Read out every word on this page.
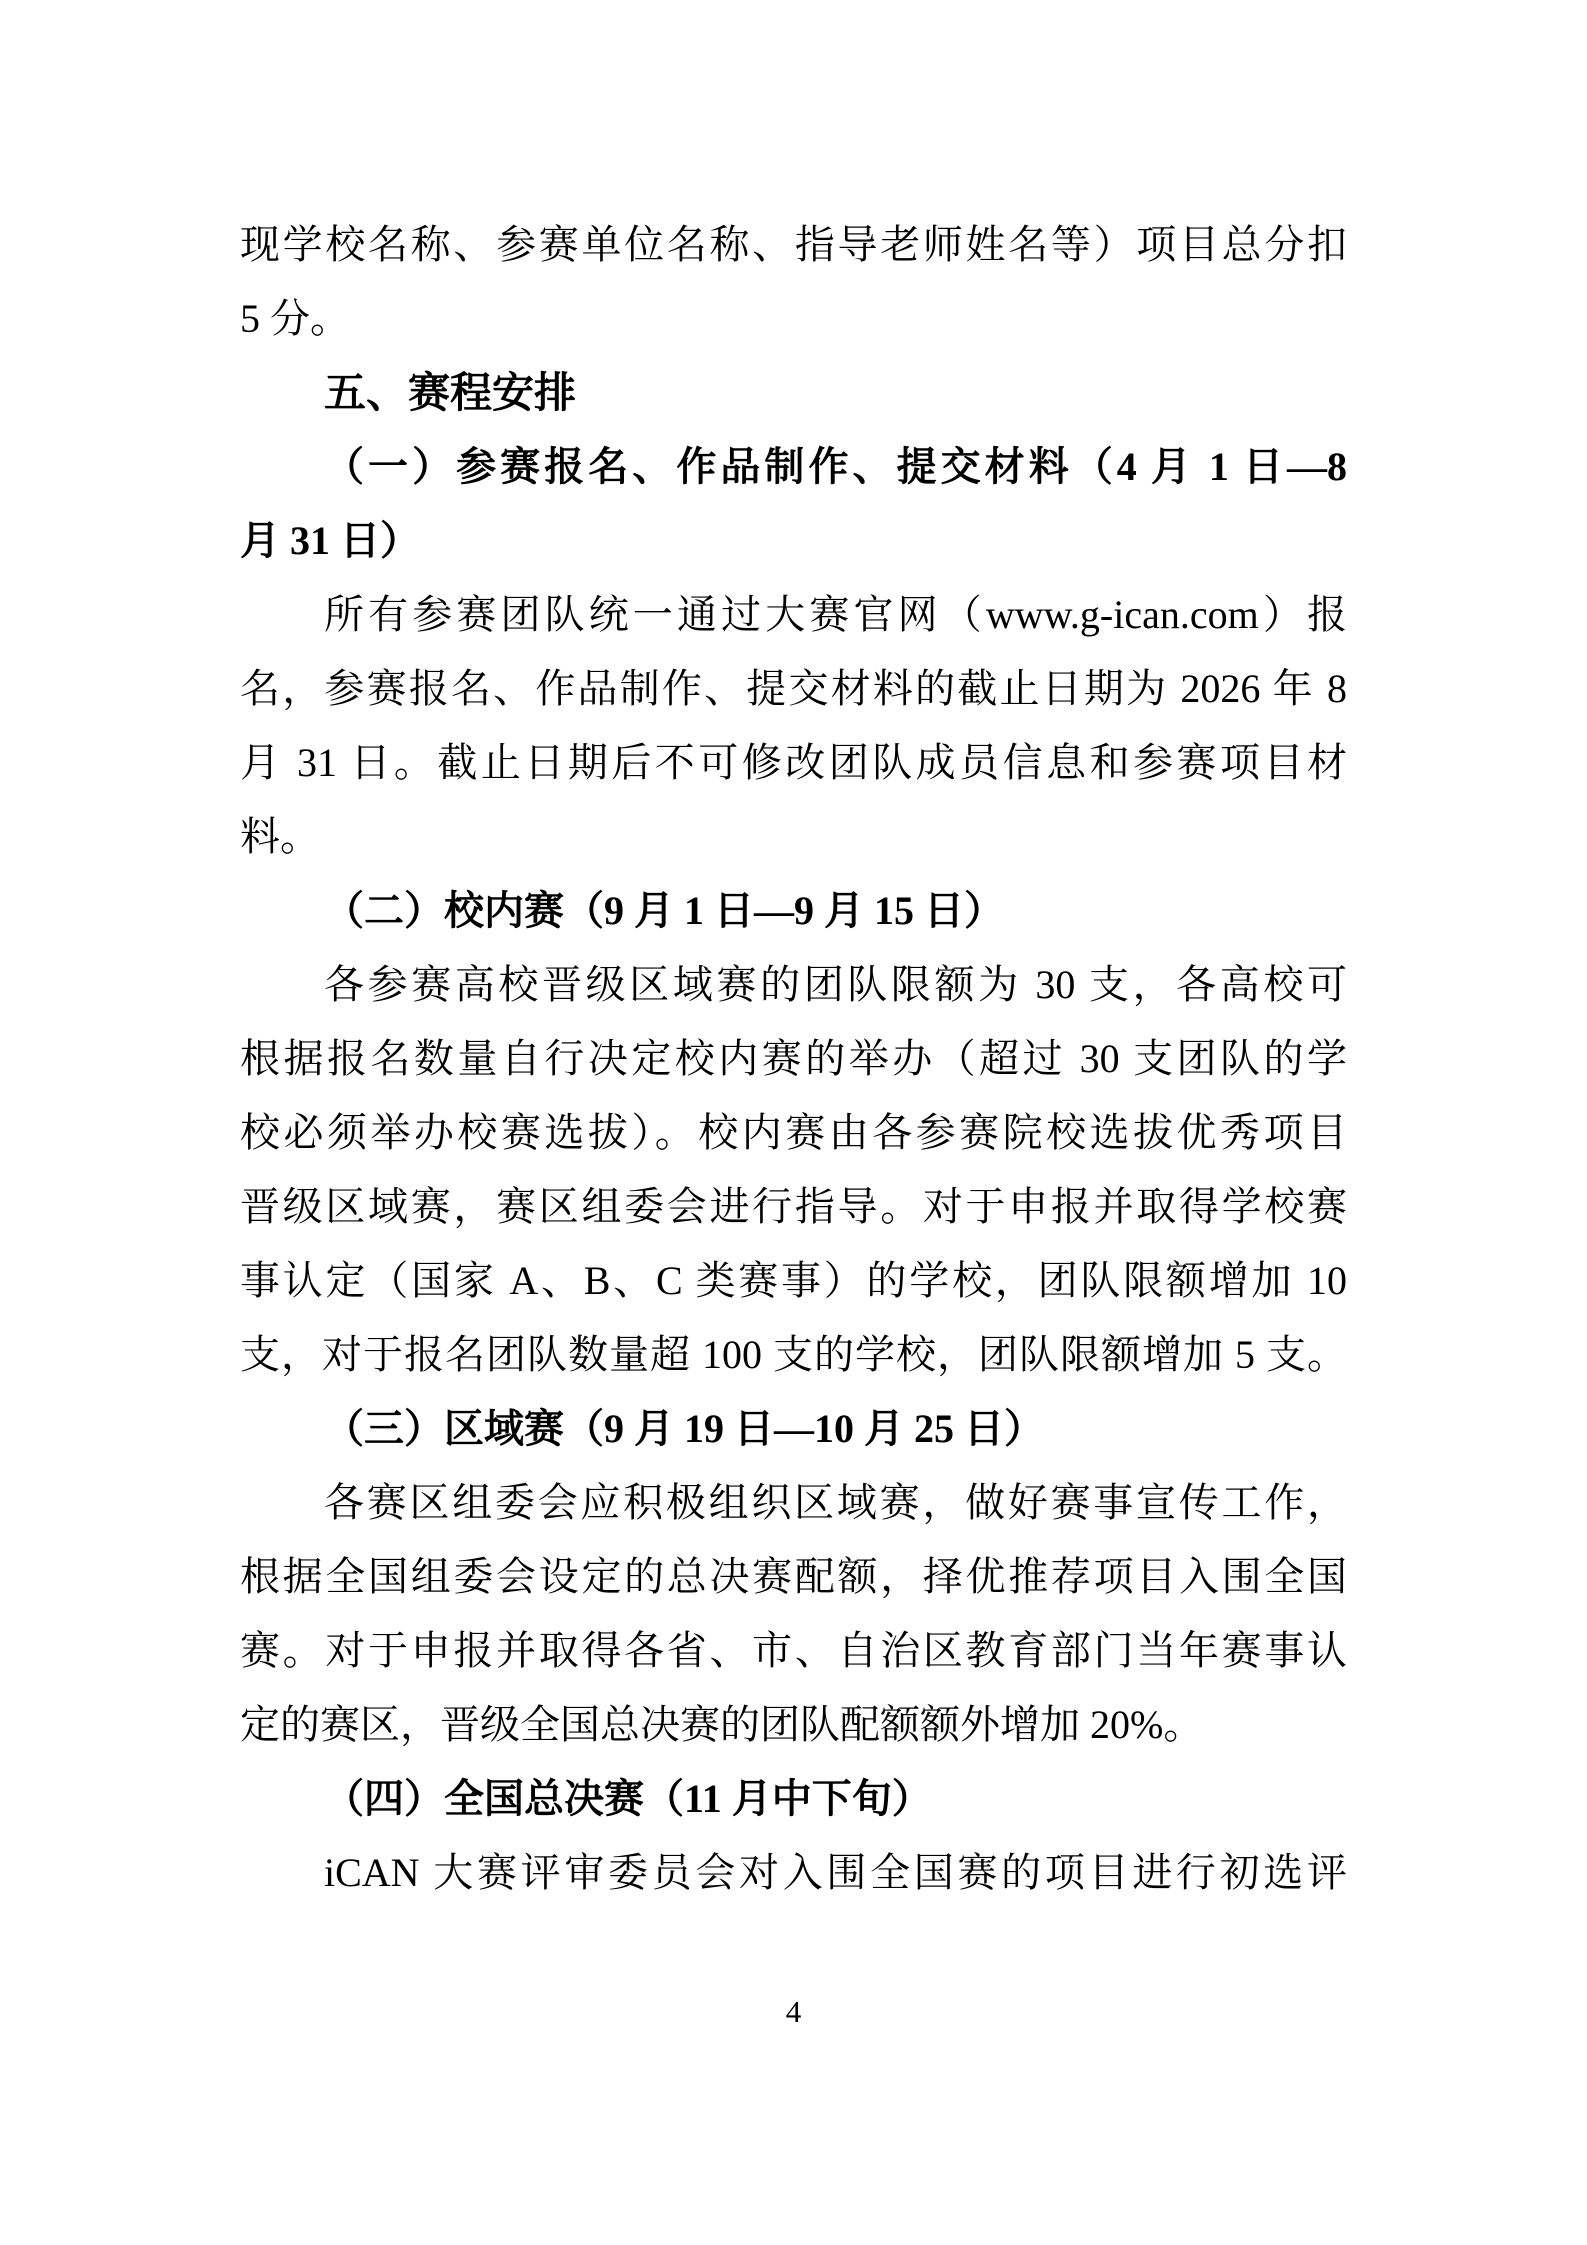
现学校名称、参赛单位名称、指导老师姓名等）项目总分扣
5 分。
五、赛程安排
（一）参赛报名、作品制作、提交材料（4 月 1 日—8
月 31 日）
所有参赛团队统一通过大赛官网（www.g-ican.com）报
名，参赛报名、作品制作、提交材料的截止日期为 2026 年 8
月 31 日。截止日期后不可修改团队成员信息和参赛项目材
料。
（二）校内赛（9 月 1 日—9 月 15 日）
各参赛高校晋级区域赛的团队限额为 30 支，各高校可
根据报名数量自行决定校内赛的举办（超过 30 支团队的学
校必须举办校赛选拔）。校内赛由各参赛院校选拔优秀项目
晋级区域赛，赛区组委会进行指导。对于申报并取得学校赛
事认定（国家 A、B、C 类赛事）的学校，团队限额增加 10
支，对于报名团队数量超 100 支的学校，团队限额增加 5 支。
（三）区域赛（9 月 19 日—10 月 25 日）
各赛区组委会应积极组织区域赛，做好赛事宣传工作，
根据全国组委会设定的总决赛配额，择优推荐项目入围全国
赛。对于申报并取得各省、市、自治区教育部门当年赛事认
定的赛区，晋级全国总决赛的团队配额额外增加 20%。
（四）全国总决赛（11 月中下旬）
iCAN 大赛评审委员会对入围全国赛的项目进行初选评
4
